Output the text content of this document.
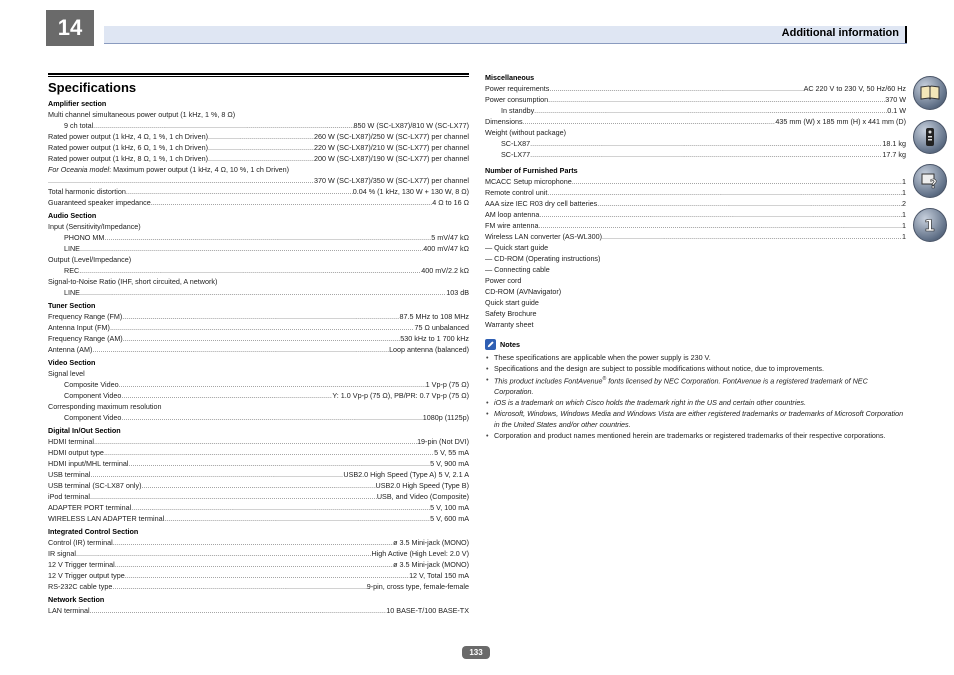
14	Additional information
Specifications
Amplifier section
Multi channel simultaneous power output (1 kHz, 1 %, 8 Ω)
9 ch total .....	850 W (SC-LX87)/810 W (SC-LX77)
Rated power output (1 kHz, 4 Ω, 1 %, 1 ch Driven) .....	260 W (SC-LX87)/250 W (SC-LX77) per channel
Rated power output (1 kHz, 6 Ω, 1 %, 1 ch Driven) .....	220 W (SC-LX87)/210 W (SC-LX77) per channel
Rated power output (1 kHz, 8 Ω, 1 %, 1 ch Driven) .....	200 W (SC-LX87)/190 W (SC-LX77) per channel
For Oceania model: Maximum power output (1 kHz, 4 Ω, 10 %, 1 ch Driven)
.....
370 W (SC-LX87)/350 W (SC-LX77) per channel
Total harmonic distortion .....	0.04 % (1 kHz, 130 W + 130 W, 8 Ω)
Guaranteed speaker impedance .....	4 Ω to 16 Ω
Audio Section
Input (Sensitivity/Impedance)
PHONO MM .....	5 mV/47 kΩ
LINE .....	400 mV/47 kΩ
Output (Level/Impedance)
REC .....	400 mV/2.2 kΩ
Signal-to-Noise Ratio (IHF, short circuited, A network)
LINE .....	103 dB
Tuner Section
Frequency Range (FM) .....	87.5 MHz to 108 MHz
Antenna Input (FM) .....	75 Ω unbalanced
Frequency Range (AM) .....	530 kHz to 1 700 kHz
Antenna (AM) .....	Loop antenna (balanced)
Video Section
Signal level
Composite Video .....	1 Vp-p (75 Ω)
Component Video .....	Y: 1.0 Vp-p (75 Ω), PB/PR: 0.7 Vp-p (75 Ω)
Corresponding maximum resolution
Component Video .....	1080p (1125p)
Digital In/Out Section
HDMI terminal .....	19-pin (Not DVI)
HDMI output type .....	5 V, 55 mA
HDMI input/MHL terminal .....	5 V, 900 mA
USB terminal .....	USB2.0 High Speed (Type A) 5 V, 2.1 A
USB terminal (SC-LX87 only) .....	USB2.0 High Speed (Type B)
iPod terminal .....	USB, and Video (Composite)
ADAPTER PORT terminal .....	5 V, 100 mA
WIRELESS LAN ADAPTER terminal .....	5 V, 600 mA
Integrated Control Section
Control (IR) terminal .....	ø 3.5 Mini-jack (MONO)
IR signal .....	High Active (High Level: 2.0 V)
12 V Trigger terminal .....	ø 3.5 Mini-jack (MONO)
12 V Trigger output type .....	12 V, Total 150 mA
RS-232C cable type .....	9-pin, cross type, female-female
Network Section
LAN terminal .....	10 BASE-T/100 BASE-TX
Miscellaneous
Power requirements .....	AC 220 V to 230 V, 50 Hz/60 Hz
Power consumption .....	370 W
In standby .....	0.1 W
Dimensions .....	435 mm (W) x 185 mm (H) x 441 mm (D)
Weight (without package)
SC-LX87 .....	18.1 kg
SC-LX77 .....	17.7 kg
Number of Furnished Parts
MCACC Setup microphone .....	1
Remote control unit .....	1
AAA size IEC R03 dry cell batteries .....	2
AM loop antenna .....	1
FM wire antenna .....	1
Wireless LAN converter (AS-WL300) .....	1
— Quick start guide
— CD-ROM (Operating instructions)
— Connecting cable
Power cord
CD-ROM (AVNavigator)
Quick start guide
Safety Brochure
Warranty sheet
Notes
• These specifications are applicable when the power supply is 230 V.
• Specifications and the design are subject to possible modifications without notice, due to improvements.
• This product includes FontAvenue® fonts licensed by NEC Corporation. FontAvenue is a registered trademark of NEC Corporation.
• iOS is a trademark on which Cisco holds the trademark right in the US and certain other countries.
• Microsoft, Windows, Windows Media and Windows Vista are either registered trademarks or trademarks of Microsoft Corporation in the United States and/or other countries.
• Corporation and product names mentioned herein are trademarks or registered trademarks of their respective corporations.
?
1
133
